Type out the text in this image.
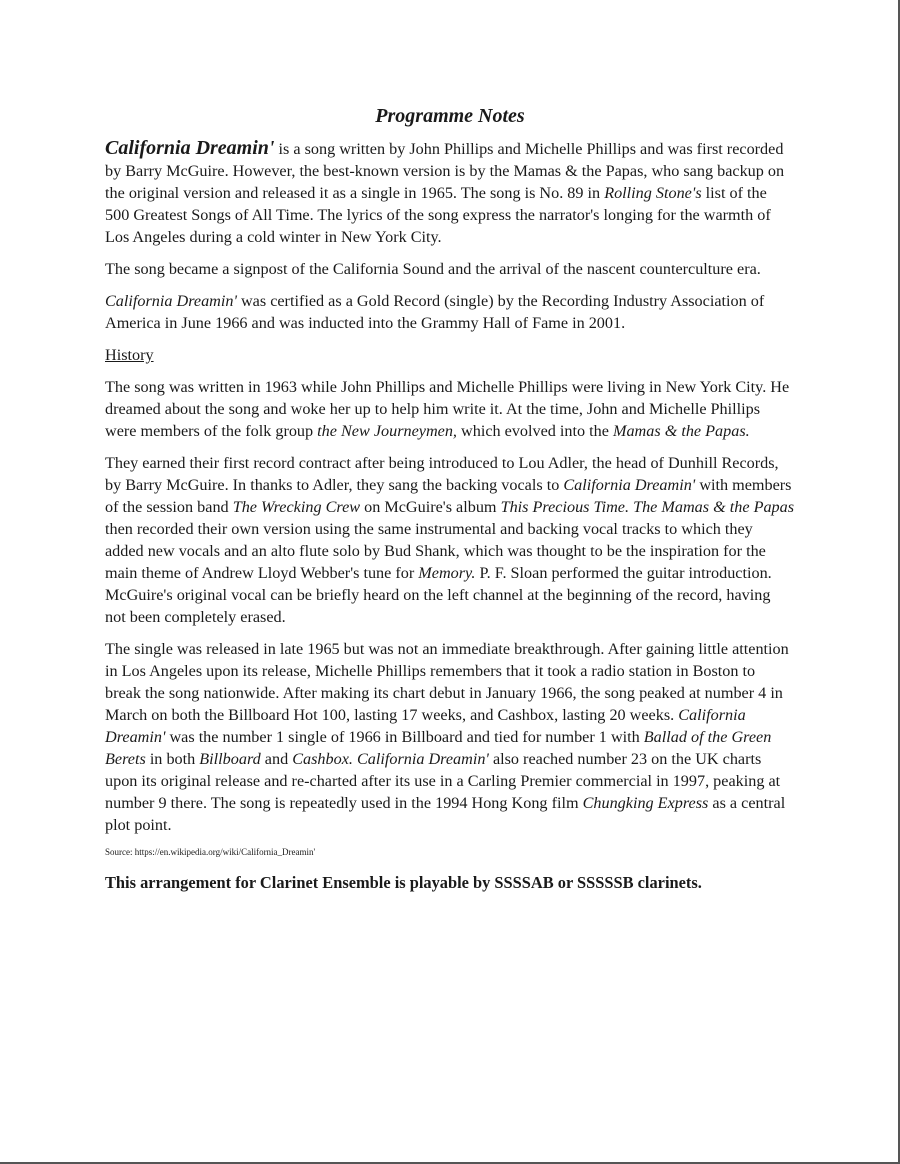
Programme Notes

California Dreamin' is a song written by John Phillips and Michelle Phillips and was first recorded by Barry McGuire. However, the best-known version is by the Mamas & the Papas, who sang backup on the original version and released it as a single in 1965. The song is No. 89 in Rolling Stone's list of the 500 Greatest Songs of All Time. The lyrics of the song express the narrator's longing for the warmth of Los Angeles during a cold winter in New York City.

The song became a signpost of the California Sound and the arrival of the nascent counterculture era.

California Dreamin' was certified as a Gold Record (single) by the Recording Industry Association of America in June 1966 and was inducted into the Grammy Hall of Fame in 2001.

History

The song was written in 1963 while John Phillips and Michelle Phillips were living in New York City. He dreamed about the song and woke her up to help him write it. At the time, John and Michelle Phillips were members of the folk group the New Journeymen, which evolved into the Mamas & the Papas.

They earned their first record contract after being introduced to Lou Adler, the head of Dunhill Records, by Barry McGuire. In thanks to Adler, they sang the backing vocals to California Dreamin' with members of the session band The Wrecking Crew on McGuire's album This Precious Time. The Mamas & the Papas then recorded their own version using the same instrumental and backing vocal tracks to which they added new vocals and an alto flute solo by Bud Shank, which was thought to be the inspiration for the main theme of Andrew Lloyd Webber's tune for Memory. P. F. Sloan performed the guitar introduction. McGuire's original vocal can be briefly heard on the left channel at the beginning of the record, having not been completely erased.

The single was released in late 1965 but was not an immediate breakthrough. After gaining little attention in Los Angeles upon its release, Michelle Phillips remembers that it took a radio station in Boston to break the song nationwide. After making its chart debut in January 1966, the song peaked at number 4 in March on both the Billboard Hot 100, lasting 17 weeks, and Cashbox, lasting 20 weeks. California Dreamin' was the number 1 single of 1966 in Billboard and tied for number 1 with Ballad of the Green Berets in both Billboard and Cashbox. California Dreamin' also reached number 23 on the UK charts upon its original release and re-charted after its use in a Carling Premier commercial in 1997, peaking at number 9 there. The song is repeatedly used in the 1994 Hong Kong film Chungking Express as a central plot point.

Source: https://en.wikipedia.org/wiki/California_Dreamin'

This arrangement for Clarinet Ensemble is playable by SSSSAB or SSSSSB clarinets.
